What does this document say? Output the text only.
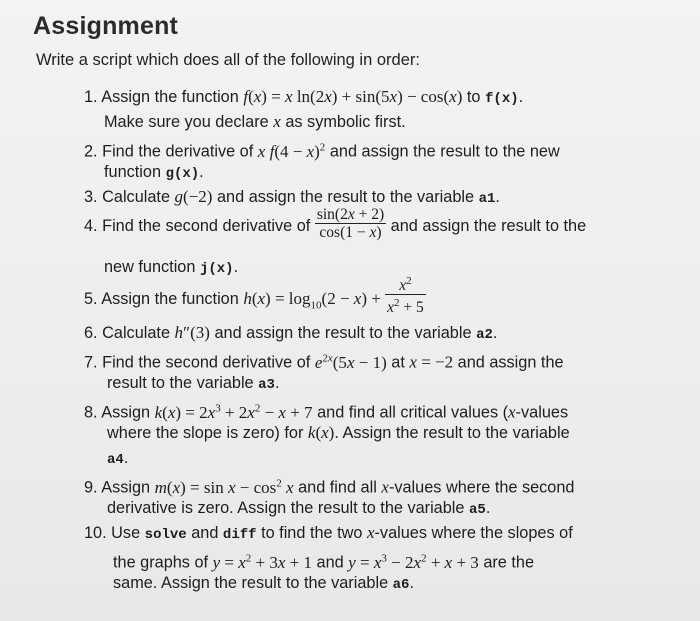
Assignment
Write a script which does all of the following in order:
1. Assign the function f(x) = x ln(2x) + sin(5x) − cos(x) to f(x).
Make sure you declare x as symbolic first.
2. Find the derivative of x $f(4 - x)^2$ and assign the result to the new
function g(x).
3. Calculate g(−2) and assign the result to the variable a1.
4. Find the second derivative of $\frac{\sin(2x + 2)}{\cos(1 - x)}$ and assign the result to the
new function j(x).
5. Assign the function $h(x) = \log_{10}(2 - x) + \frac{x^2}{x^2 + 5}$
6. Calculate h″(3) and assign the result to the variable a2.
7. Find the second derivative of $e^{2x}(5x - 1)$ at x = −2 and assign the
result to the variable a3.
8. Assign $k(x) = 2x^3 + 2x^2 - x + 7$ and find all critical values (x-values
where the slope is zero) for k(x). Assign the result to the variable
a4.
9. Assign $m(x) = \sin x - \cos^2 x$ and find all x-values where the second
derivative is zero. Assign the result to the variable a5.
10. Use solve and diff to find the two x-values where the slopes of
the graphs of $y = x^2 + 3x + 1$ and $y = x^3 - 2x^2 + x + 3$ are the
same. Assign the result to the variable a6.
